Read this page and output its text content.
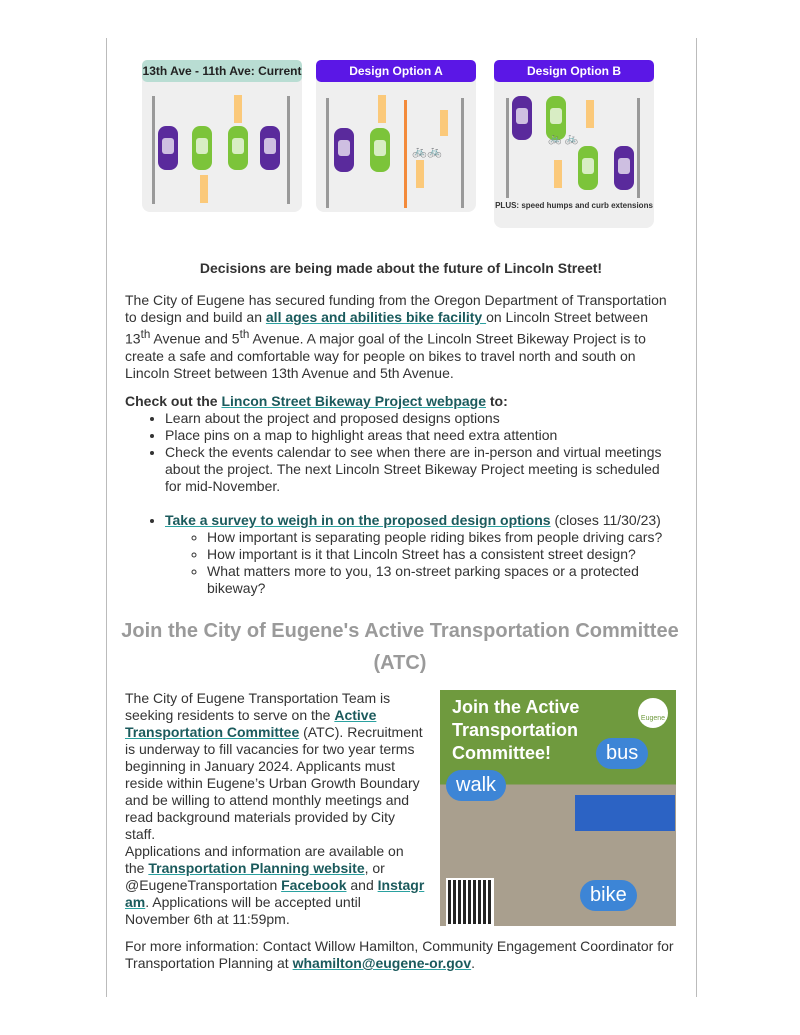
13th Ave - 11th Ave: Current	Design Option A
🚲🚲
Design Option B
🚲 🚲
PLUS: speed humps and curb extensions
Decisions are being made about the future of Lincoln Street!

The City of Eugene has secured funding from the Oregon Department of Transportation to design and build an all ages and abilities bike facility on Lincoln Street between 13th Avenue and 5th Avenue. A major goal of the Lincoln Street Bikeway Project is to create a safe and comfortable way for people on bikes to travel north and south on Lincoln Street between 13th Avenue and 5th Avenue.

Check out the Lincon Street Bikeway Project webpage to:
• Learn about the project and proposed designs options
• Place pins on a map to highlight areas that need extra attention
• Check the events calendar to see when there are in-person and virtual meetings about the project. The next Lincoln Street Bikeway Project meeting is scheduled for mid-November.
• Take a survey to weigh in on the proposed design options (closes 11/30/23)
◦ How important is separating people riding bikes from people driving cars?
◦ How important is it that Lincoln Street has a consistent street design?
◦ What matters more to you, 13 on-street parking spaces or a protected bikeway?
Join the City of Eugene's Active Transportation Committee (ATC)
The City of Eugene Transportation Team is seeking residents to serve on the Active Transportation Committee (ATC). Recruitment is underway to fill vacancies for two year terms beginning in January 2024. Applicants must reside within Eugene’s Urban Growth Boundary and be willing to attend monthly meetings and read background materials provided by City staff.
Applications and information are available on the Transportation Planning website, or @EugeneTransportation Facebook and Instagram. Applications will be accepted until November 6th at 11:59pm.
Join the Active Transportation Committee!
Eugene
bus
walk
bike

For more information: Contact Willow Hamilton, Community Engagement Coordinator for Transportation Planning at whamilton@eugene-or.gov.
